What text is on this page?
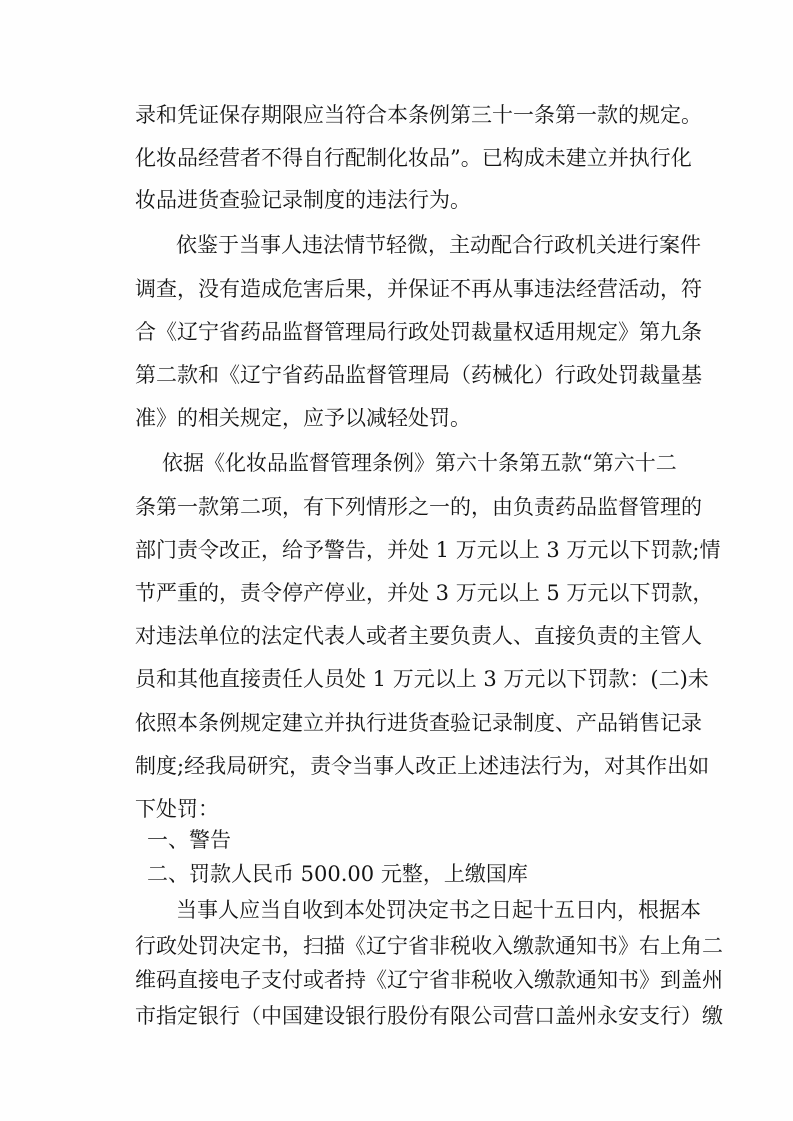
录和凭证保存期限应当符合本条例第三十一条第一款的规定。

化妆品经营者不得自行配制化妆品”。已构成未建立并执行化

妆品进货查验记录制度的违法行为。

依鉴于当事人违法情节轻微，主动配合行政机关进行案件

调查，没有造成危害后果，并保证不再从事违法经营活动，符

合《辽宁省药品监督管理局行政处罚裁量权适用规定》第九条

第二款和《辽宁省药品监督管理局（药械化）行政处罚裁量基

准》的相关规定，应予以减轻处罚。

依据《化妆品监督管理条例》第六十条第五款“第六十二

条第一款第二项，有下列情形之一的，由负责药品监督管理的

部门责令改正，给予警告，并处 1 万元以上 3 万元以下罚款;情

节严重的，责令停产停业，并处 3 万元以上 5 万元以下罚款，

对违法单位的法定代表人或者主要负责人、直接负责的主管人

员和其他直接责任人员处 1 万元以上 3 万元以下罚款：(二)未

依照本条例规定建立并执行进货查验记录制度、产品销售记录

制度;经我局研究，责令当事人改正上述违法行为，对其作出如

下处罚：

一、警告

二、罚款人民币 500.00 元整，上缴国库

当事人应当自收到本处罚决定书之日起十五日内，根据本

行政处罚决定书，扫描《辽宁省非税收入缴款通知书》右上角二

维码直接电子支付或者持《辽宁省非税收入缴款通知书》到盖州

市指定银行（中国建设银行股份有限公司营口盖州永安支行）缴
